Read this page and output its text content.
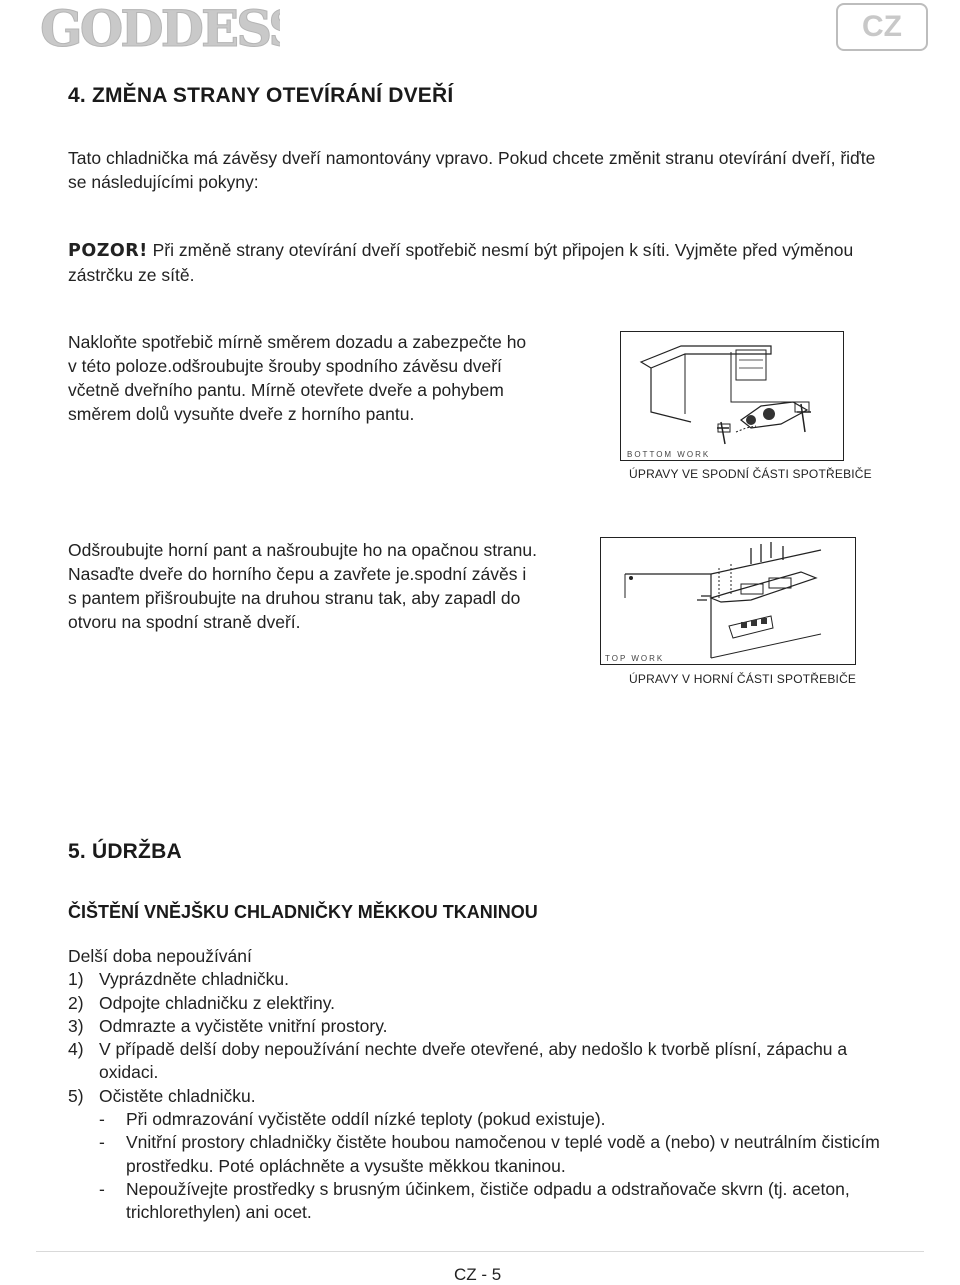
GODDESS	CZ
4. ZMĚNA STRANY OTEVÍRÁNÍ DVEŘÍ
Tato chladnička má závěsy dveří namontovány vpravo. Pokud chcete změnit stranu otevírání dveří, řiďte se následujícími pokyny:
POZOR! Při změně strany otevírání dveří spotřebič nesmí být připojen k síti. Vyjměte před výměnou zástrčku ze sítě.
Nakloňte spotřebič mírně směrem dozadu a zabezpečte ho v této poloze.odšroubujte šrouby spodního závěsu dveří včetně dveřního pantu. Mírně otevřete dveře a pohybem směrem dolů vysuňte dveře z horního pantu.
BOTTOM WORK
ÚPRAVY VE SPODNÍ ČÁSTI SPOTŘEBIČE
Odšroubujte horní pant a našroubujte ho na opačnou stranu. Nasaďte dveře do horního čepu a zavřete je.spodní závěs i s pantem přišroubujte na druhou stranu tak, aby zapadl do otvoru na spodní straně dveří.
TOP WORK
ÚPRAVY V HORNÍ ČÁSTI SPOTŘEBIČE
5. ÚDRŽBA
ČIŠTĚNÍ VNĚJŠKU CHLADNIČKY MĚKKOU TKANINOU
Delší doba nepoužívání
1) Vyprázdněte chladničku.
2) Odpojte chladničku z elektřiny.
3) Odmrazte a vyčistěte vnitřní prostory.
4) V případě delší doby nepoužívání nechte dveře otevřené, aby nedošlo k tvorbě plísní, zápachu a oxidaci.
5) Očistěte chladničku.
-	Při odmrazování vyčistěte oddíl nízké teploty (pokud existuje).
-	Vnitřní prostory chladničky čistěte houbou namočenou v teplé vodě a (nebo) v neutrálním čisticím prostředku. Poté opláchněte a vysušte měkkou tkaninou.
-	Nepoužívejte prostředky s brusným účinkem, čističe odpadu a odstraňovače skvrn (tj. aceton, trichlorethylen) ani ocet.
CZ - 5
